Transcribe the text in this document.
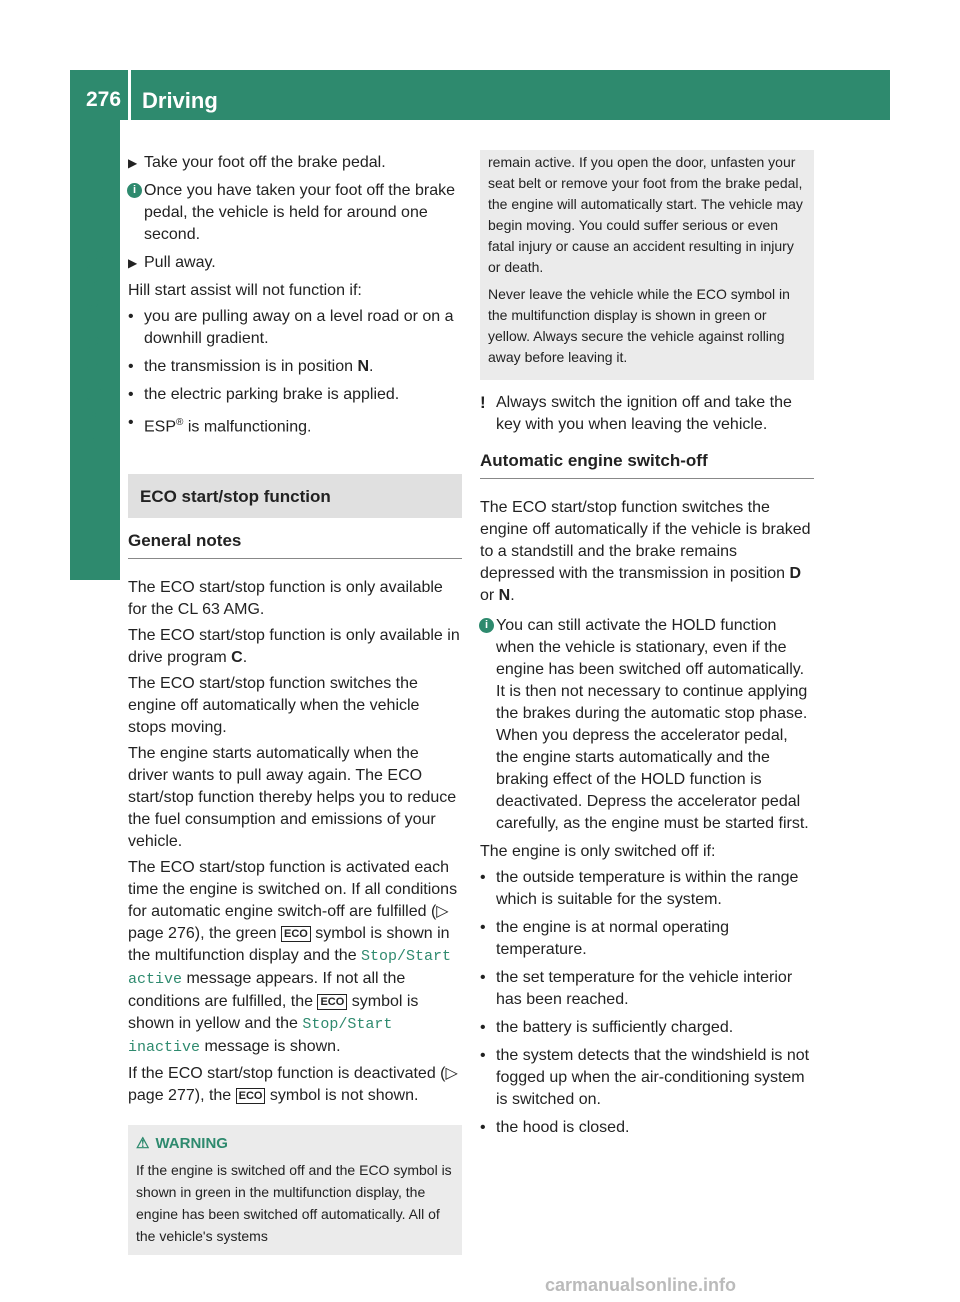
276 Driving
Driving and parking
▶ Take your foot off the brake pedal.
i Once you have taken your foot off the brake pedal, the vehicle is held for around one second.
▶ Pull away.

Hill start assist will not function if:

• you are pulling away on a level road or on a downhill gradient.
• the transmission is in position N.
• the electric parking brake is applied.
• ESP® is malfunctioning.
ECO start/stop function
General notes

The ECO start/stop function is only available for the CL 63 AMG.

The ECO start/stop function is only available in drive program C.

The ECO start/stop function switches the engine off automatically when the vehicle stops moving.

The engine starts automatically when the driver wants to pull away again. The ECO start/stop function thereby helps you to reduce the fuel consumption and emissions of your vehicle.

The ECO start/stop function is activated each time the engine is switched on. If all conditions for automatic engine switch-off are fulfilled (▷ page 276), the green ECO symbol is shown in the multifunction display and the Stop/Start active message appears. If not all the conditions are fulfilled, the ECO symbol is shown in yellow and the Stop/Start inactive message is shown.

If the ECO start/stop function is deactivated (▷ page 277), the ECO symbol is not shown.

⚠ WARNING
If the engine is switched off and the ECO symbol is shown in green in the multifunction display, the engine has been switched off automatically. All of the vehicle's systems

remain active. If you open the door, unfasten your seat belt or remove your foot from the brake pedal, the engine will automatically start. The vehicle may begin moving. You could suffer serious or even fatal injury or cause an accident resulting in injury or death.

Never leave the vehicle while the ECO symbol in the multifunction display is shown in green or yellow. Always secure the vehicle against rolling away before leaving it.

! Always switch the ignition off and take the key with you when leaving the vehicle.
Automatic engine switch-off

The ECO start/stop function switches the engine off automatically if the vehicle is braked to a standstill and the brake remains depressed with the transmission in position D or N.

i You can still activate the HOLD function when the vehicle is stationary, even if the engine has been switched off automatically. It is then not necessary to continue applying the brakes during the automatic stop phase. When you depress the accelerator pedal, the engine starts automatically and the braking effect of the HOLD function is deactivated. Depress the accelerator pedal carefully, as the engine must be started first.

The engine is only switched off if:

• the outside temperature is within the range which is suitable for the system.
• the engine is at normal operating temperature.
• the set temperature for the vehicle interior has been reached.
• the battery is sufficiently charged.
• the system detects that the windshield is not fogged up when the air-conditioning system is switched on.
• the hood is closed.
carmanualsonline.info
